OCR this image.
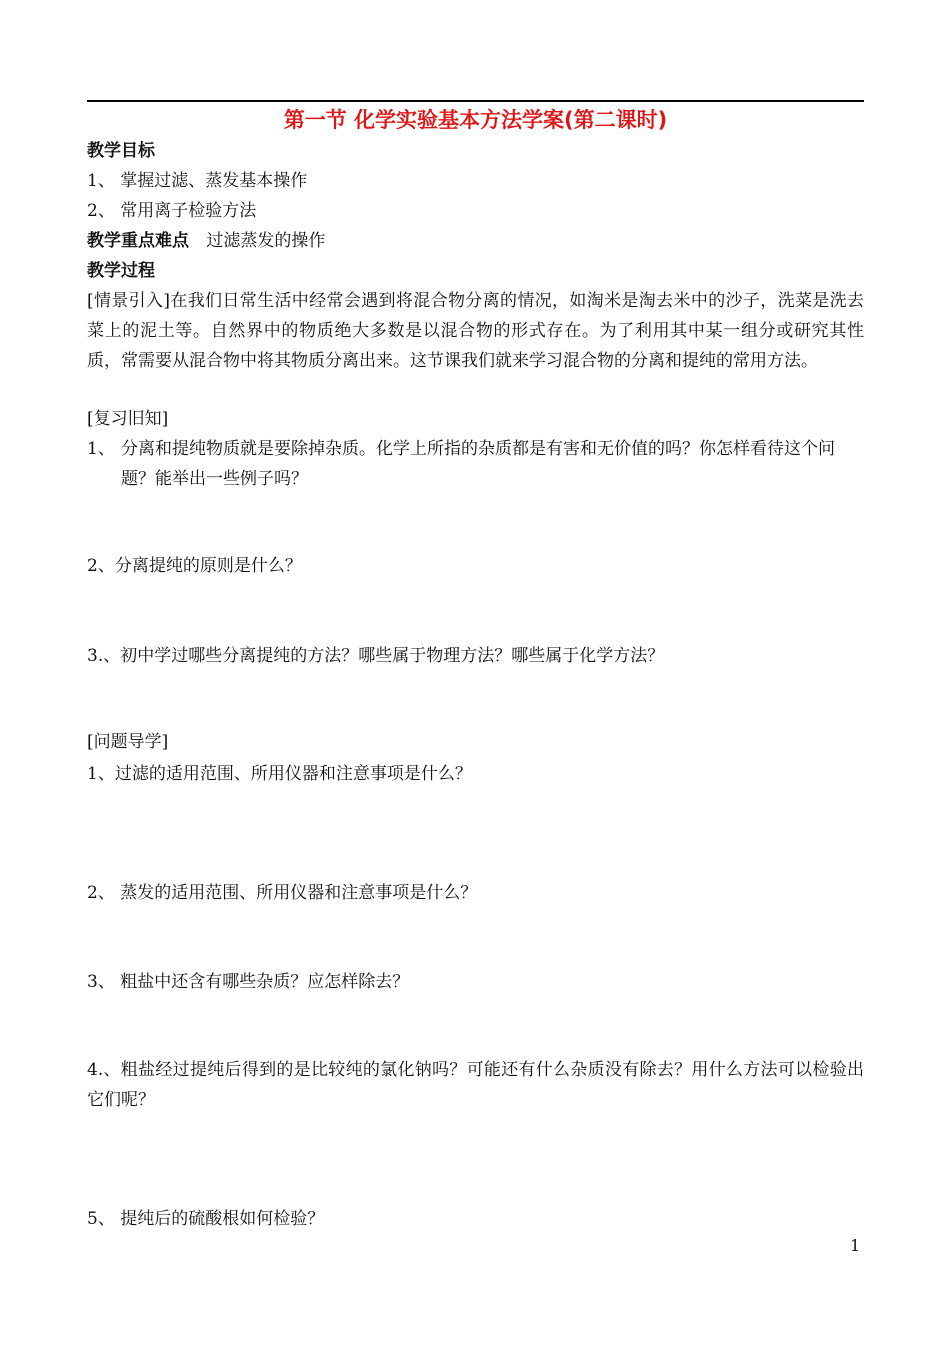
第一节 化学实验基本方法学案(第二课时)
教学目标
1、 掌握过滤、蒸发基本操作
2、 常用离子检验方法
教学重点难点 过滤蒸发的操作
教学过程
[情景引入]在我们日常生活中经常会遇到将混合物分离的情况，如淘米是淘去米中的沙子，洗菜是洗去菜上的泥土等。自然界中的物质绝大多数是以混合物的形式存在。为了利用其中某一组分或研究其性质，常需要从混合物中将其物质分离出来。这节课我们就来学习混合物的分离和提纯的常用方法。
[复习旧知]
1、 分离和提纯物质就是要除掉杂质。化学上所指的杂质都是有害和无价值的吗？你怎样看待这个问题？能举出一些例子吗？
2、分离提纯的原则是什么？
3.、初中学过哪些分离提纯的方法？哪些属于物理方法？哪些属于化学方法？
[问题导学]
1、过滤的适用范围、所用仪器和注意事项是什么？
2、 蒸发的适用范围、所用仪器和注意事项是什么？
3、 粗盐中还含有哪些杂质？应怎样除去？
4.、粗盐经过提纯后得到的是比较纯的氯化钠吗？可能还有什么杂质没有除去？用什么方法可以检验出它们呢？
5、 提纯后的硫酸根如何检验？
1
